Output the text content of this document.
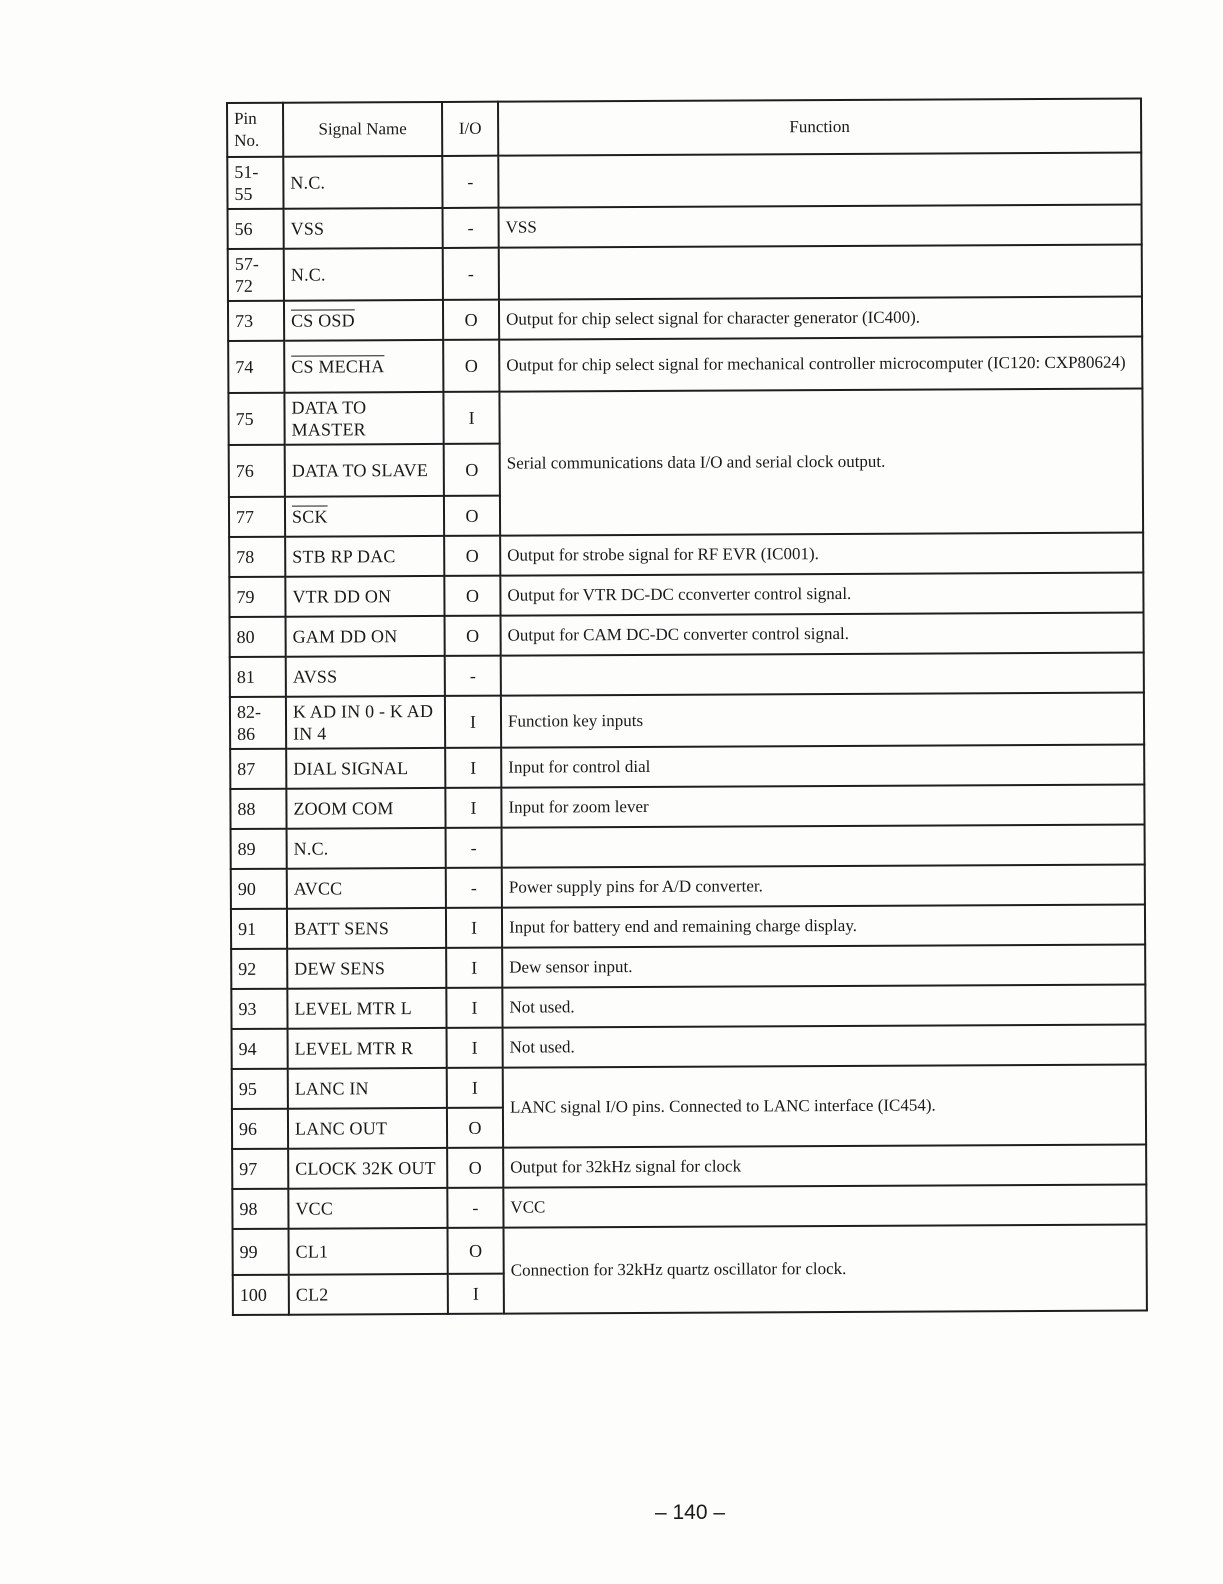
Pin No.	Signal Name	I/O	Function
51- 55	N.C.	-	
56	VSS	-	VSS
57- 72	N.C.	-	
73	CS OSD	O	Output for chip select signal for character generator (IC400).
74	CS MECHA	O	Output for chip select signal for mechanical controller microcomputer (IC120: CXP80624)
75	DATA TO MASTER	I	Serial communications data I/O and serial clock output.
76	DATA TO SLAVE	O	
77	$\overline{SCK}$	O	
78	STB RP DAC	O	Output for strobe signal for RF EVR (IC001).
79	VTR DD ON	O	Output for VTR DC-DC cconverter control signal.
80	GAM DD ON	O	Output for CAM DC-DC converter control signal.
81	AVSS	-	
82- 86	K AD IN 0 - K AD IN 4	I	Function key inputs
87	DIAL SIGNAL	I	Input for control dial
88	ZOOM COM	I	Input for zoom lever
89	N.C.	-	
90	AVCC	-	Power supply pins for A/D converter.
91	BATT SENS	I	Input for battery end and remaining charge display.
92	DEW SENS	I	Dew sensor input.
93	LEVEL MTR L	I	Not used.
94	LEVEL MTR R	I	Not used.
95	LANC IN	I	LANC signal I/O pins. Connected to LANC interface (IC454).
96	LANC OUT	O	
97	CLOCK 32K OUT	O	Output for 32kHz signal for clock
98	VCC	-	VCC
99	CL1	O	Connection for 32kHz quartz oscillator for clock.
100	CL2	I	
– 140 –
